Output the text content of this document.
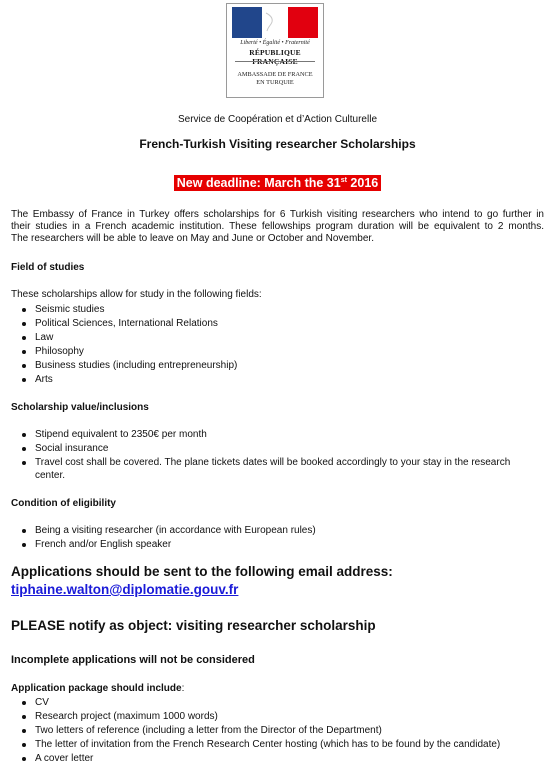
Liberté • Égalité • Fraternité
RÉPUBLIQUE FRANÇAISE
AMBASSADE DE FRANCE
EN TURQUIE
Service de Coopération et d’Action Culturelle
French-Turkish Visiting researcher Scholarships
New deadline: March the 31st 2016
The Embassy of France in Turkey offers scholarships for 6 Turkish visiting researchers who intend to go further in
their studies in a French academic institution. These fellowships program duration will be equivalent to 2 months.
The researchers will be able to leave on May and June or October and November.
Field of studies
These scholarships allow for study in the following fields:
Seismic studies
Political Sciences, International Relations
Law
Philosophy
Business studies (including entrepreneurship)
Arts
Scholarship value/inclusions
Stipend equivalent to 2350€ per month
Social insurance
Travel cost shall be covered. The plane tickets dates will be booked accordingly to your stay in the research
center.
Condition of eligibility
Being a visiting researcher (in accordance with European rules)
French and/or English speaker
Applications should be sent to the following email address:
tiphaine.walton@diplomatie.gouv.fr
PLEASE notify as object: visiting researcher scholarship
Incomplete applications will not be considered
Application package should include:
CV
Research project (maximum 1000 words)
Two letters of reference (including a letter from the Director of the Department)
The letter of invitation from the French Research Center hosting (which has to be found by the candidate)
A cover letter
